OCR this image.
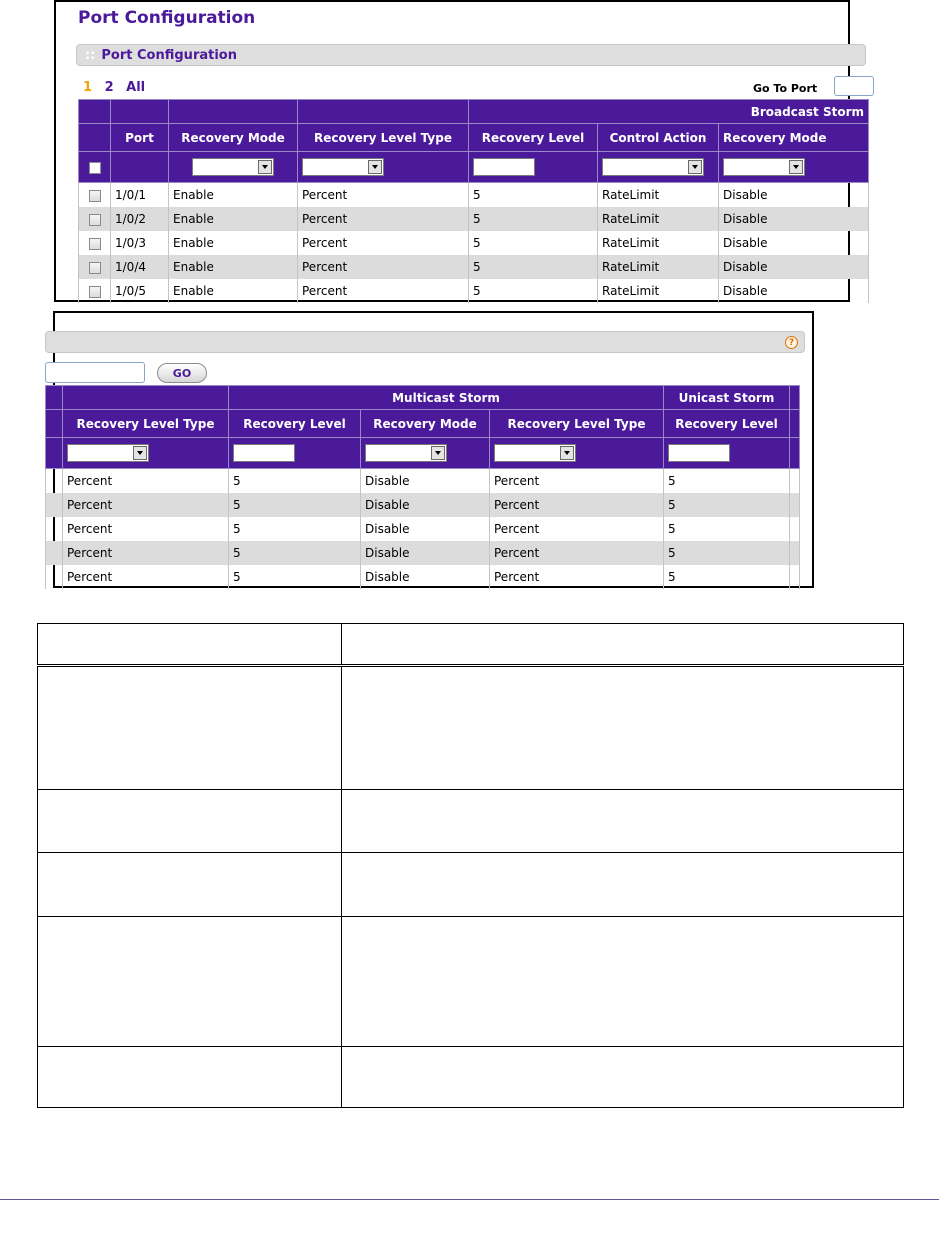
Port Configuration
:: Port Configuration
1 2 All	Go To Port
				Broadcast Storm		
	Port	Recovery Mode	Recovery Level Type	Recovery Level	Control Action	Recovery Mode

	1/0/1	Enable	Percent	5	RateLimit	Disable
	1/0/2	Enable	Percent	5	RateLimit	Disable
	1/0/3	Enable	Percent	5	RateLimit	Disable
	1/0/4	Enable	Percent	5	RateLimit	Disable
	1/0/5	Enable	Percent	5	RateLimit	Disable
?
GO
		Multicast Storm			Unicast Storm	
	Recovery Level Type	Recovery Level	Recovery Mode	Recovery Level Type	Recovery Level	

	Percent	5	Disable	Percent	5	
	Percent	5	Disable	Percent	5	
	Percent	5	Disable	Percent	5	
	Percent	5	Disable	Percent	5	
	Percent	5	Disable	Percent	5	
